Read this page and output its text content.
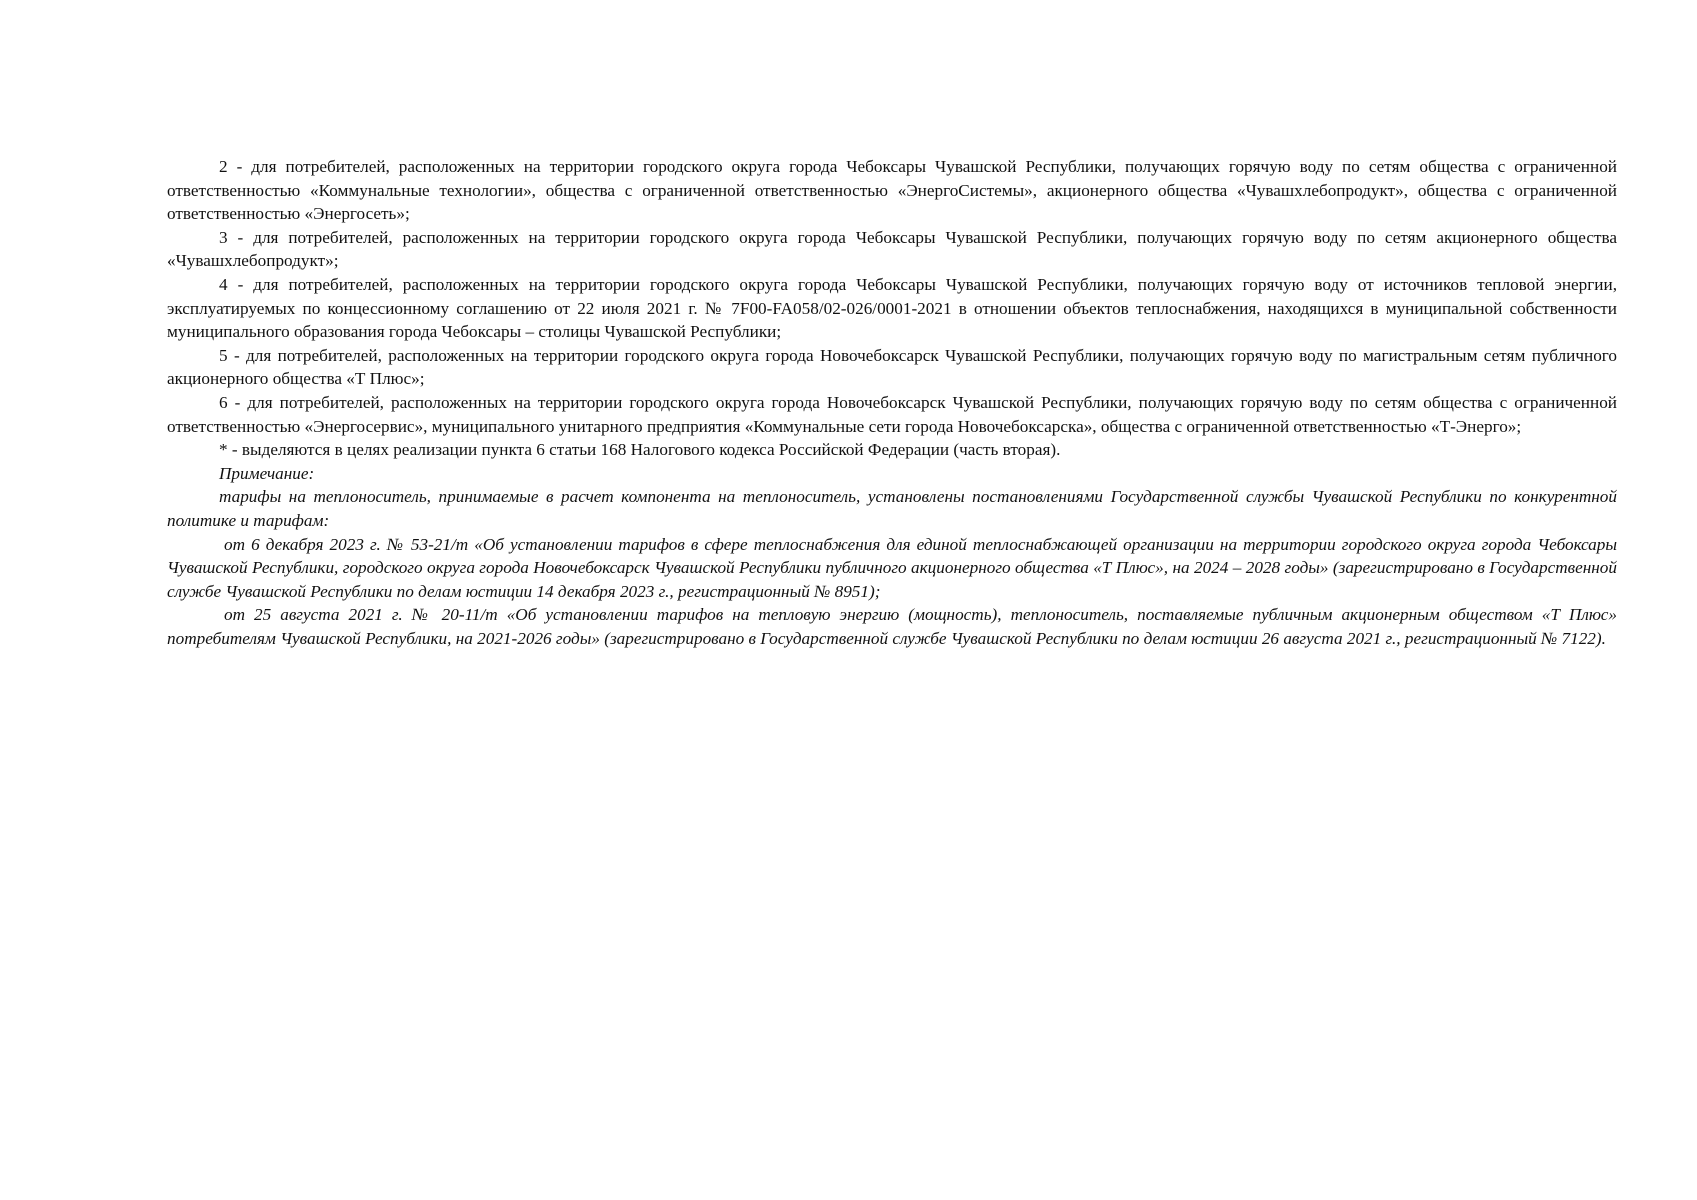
2 - для потребителей, расположенных на территории городского округа города Чебоксары Чувашской Республики, получающих горячую воду по сетям общества с ограниченной ответственностью «Коммунальные технологии», общества с ограниченной ответственностью «ЭнергоСистемы», акционерного общества «Чувашхлебопродукт», общества с ограниченной ответственностью «Энергосеть»;

3 - для потребителей, расположенных на территории городского округа города Чебоксары Чувашской Республики, получающих горячую воду по сетям акционерного общества «Чувашхлебопродукт»;

4 - для потребителей, расположенных на территории городского округа города Чебоксары Чувашской Республики, получающих горячую воду от источников тепловой энергии, эксплуатируемых по концессионному соглашению от 22 июля 2021 г. № 7F00-FA058/02-026/0001-2021 в отношении объектов теплоснабжения, находящихся в муниципальной собственности муниципального образования города Чебоксары – столицы Чувашской Республики;

5 - для потребителей, расположенных на территории городского округа города Новочебоксарск Чувашской Республики, получающих горячую воду по магистральным сетям публичного акционерного общества «Т Плюс»;

6 - для потребителей, расположенных на территории городского округа города Новочебоксарск Чувашской Республики, получающих горячую воду по сетям общества с ограниченной ответственностью «Энергосервис», муниципального унитарного предприятия «Коммунальные сети города Новочебоксарска», общества с ограниченной ответственностью «Т-Энерго»;

* - выделяются в целях реализации пункта 6 статьи 168 Налогового кодекса Российской Федерации (часть вторая).

Примечание:

тарифы на теплоноситель, принимаемые в расчет компонента на теплоноситель, установлены постановлениями Государственной службы Чувашской Республики по конкурентной политике и тарифам:

от 6 декабря 2023 г. № 53-21/т «Об установлении тарифов в сфере теплоснабжения для единой теплоснабжающей организации на территории городского округа города Чебоксары Чувашской Республики, городского округа города Новочебоксарск Чувашской Республики публичного акционерного общества «Т Плюс», на 2024 – 2028 годы» (зарегистрировано в Государственной службе Чувашской Республики по делам юстиции 14 декабря 2023 г., регистрационный № 8951);

от 25 августа 2021 г. № 20-11/т «Об установлении тарифов на тепловую энергию (мощность), теплоноситель, поставляемые публичным акционерным обществом «Т Плюс» потребителям Чувашской Республики, на 2021-2026 годы» (зарегистрировано в Государственной службе Чувашской Республики по делам юстиции 26 августа 2021 г., регистрационный № 7122).
